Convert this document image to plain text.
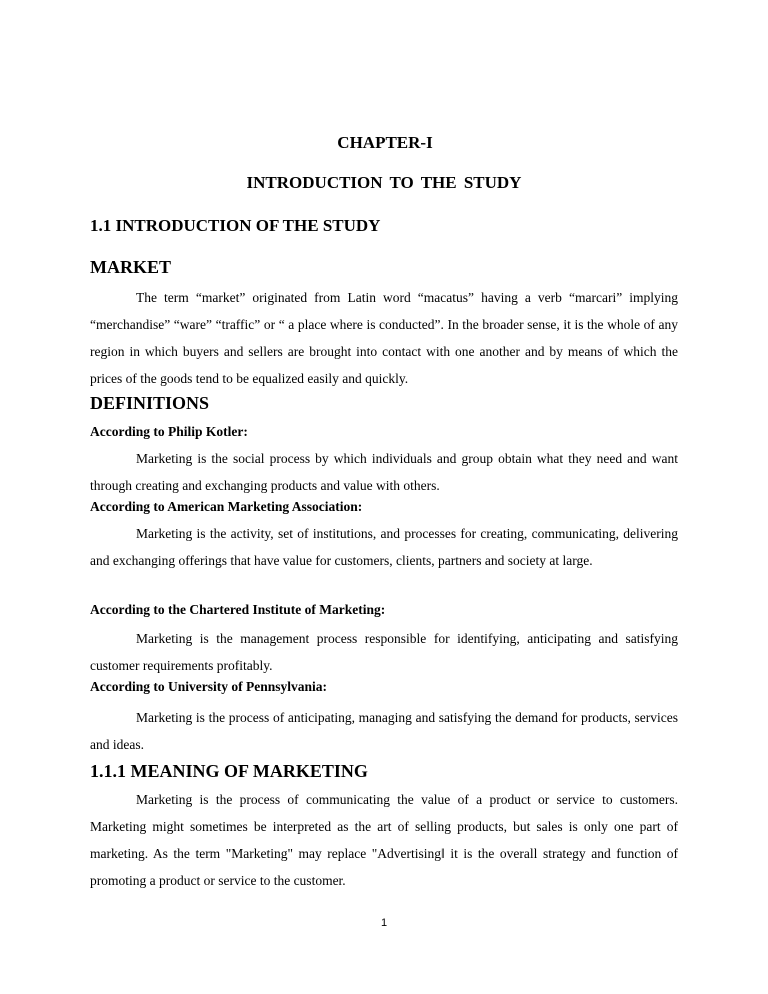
CHAPTER-I
INTRODUCTION TO THE STUDY
1.1 INTRODUCTION OF THE STUDY
MARKET
The term “market” originated from Latin word “macatus” having a verb “marcari” implying “merchandise” “ware” “traffic” or “ a place where is conducted”. In the broader sense, it is the whole of any region in which buyers and sellers are brought into contact with one another and by means of which the prices of the goods tend to be equalized easily and quickly.
DEFINITIONS
According to Philip Kotler:
Marketing is the social process by which individuals and group obtain what they need and want through creating and exchanging products and value with others.
According to American Marketing Association:
Marketing is the activity, set of institutions, and processes for creating, communicating, delivering and exchanging offerings that have value for customers, clients, partners and society at large.
According to the Chartered Institute of Marketing:
Marketing is the management process responsible for identifying, anticipating and satisfying customer requirements profitably.
According to University of Pennsylvania:
Marketing is the process of anticipating, managing and satisfying the demand for products, services and ideas.
1.1.1 MEANING OF MARKETING
Marketing is the process of communicating the value of a product or service to customers. Marketing might sometimes be interpreted as the art of selling products, but sales is only one part of marketing. As the term "Marketing" may replace "Advertising‖ it is the overall strategy and function of promoting a product or service to the customer.
1
